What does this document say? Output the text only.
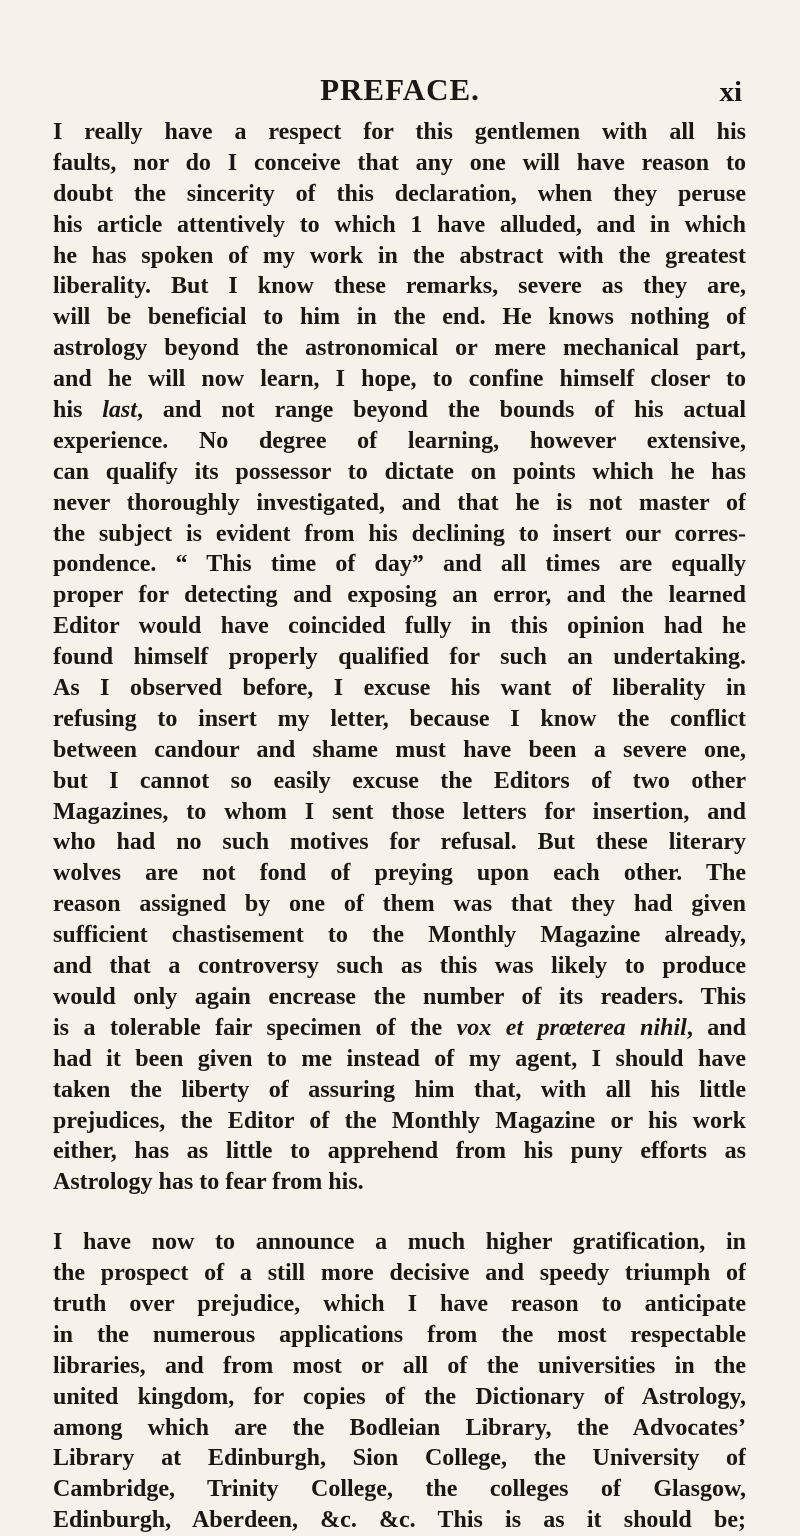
PREFACE.	xi
I really have a respect for this gentlemen with all his
faults, nor do I conceive that any one will have reason to
doubt the sincerity of this declaration, when they peruse
his article attentively to which 1 have alluded, and in which
he has spoken of my work in the abstract with the greatest
liberality. But I know these remarks, severe as they are,
will be beneficial to him in the end. He knows nothing of
astrology beyond the astronomical or mere mechanical part,
and he will now learn, I hope, to confine himself closer to
his last, and not range beyond the bounds of his actual
experience. No degree of learning, however extensive,
can qualify its possessor to dictate on points which he has
never thoroughly investigated, and that he is not master of
the subject is evident from his declining to insert our corres-
pondence. “ This time of day” and all times are equally
proper for detecting and exposing an error, and the learned
Editor would have coincided fully in this opinion had he
found himself properly qualified for such an undertaking.
As I observed before, I excuse his want of liberality in
refusing to insert my letter, because I know the conflict
between candour and shame must have been a severe one,
but I cannot so easily excuse the Editors of two other
Magazines, to whom I sent those letters for insertion, and
who had no such motives for refusal. But these literary
wolves are not fond of preying upon each other. The
reason assigned by one of them was that they had given
sufficient chastisement to the Monthly Magazine already,
and that a controversy such as this was likely to produce
would only again encrease the number of its readers. This
is a tolerable fair specimen of the vox et prœterea nihil, and
had it been given to me instead of my agent, I should have
taken the liberty of assuring him that, with all his little
prejudices, the Editor of the Monthly Magazine or his work
either, has as little to apprehend from his puny efforts as
Astrology has to fear from his.
I have now to announce a much higher gratification, in
the prospect of a still more decisive and speedy triumph of
truth over prejudice, which I have reason to anticipate
in the numerous applications from the most respectable
libraries, and from most or all of the universities in the
united kingdom, for copies of the Dictionary of Astrology,
among which are the Bodleian Library, the Advocates’
Library at Edinburgh, Sion College, the University of
Cambridge, Trinity College, the colleges of Glasgow,
Edinburgh, Aberdeen, &c. &c. This is as it should be;
